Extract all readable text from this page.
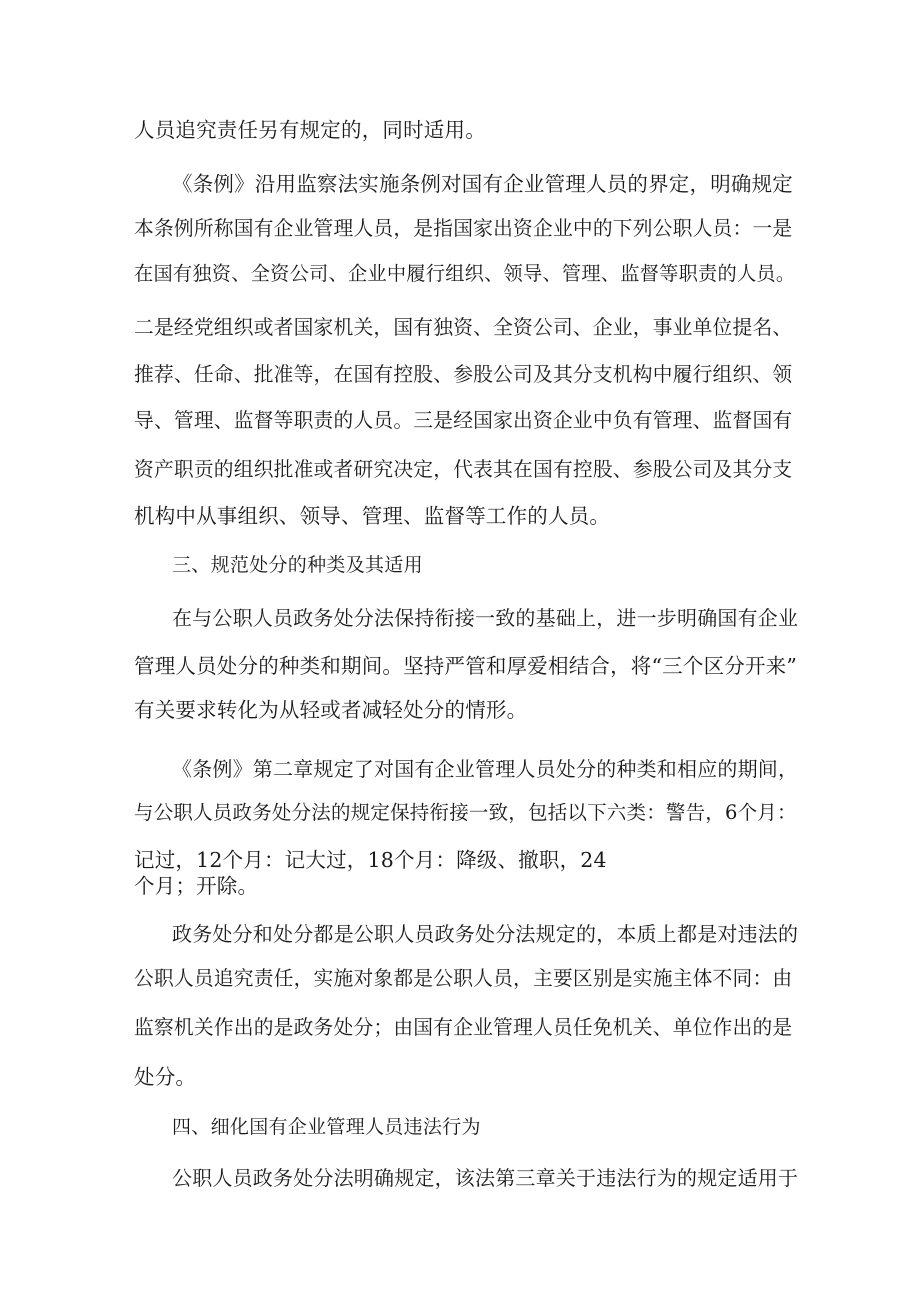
人员追究责任另有规定的，同时适用。
《条例》沿用监察法实施条例对国有企业管理人员的界定，明确规定
本条例所称国有企业管理人员，是指国家出资企业中的下列公职人员：一是
在国有独资、全资公司、企业中履行组织、领导、管理、监督等职责的人员。
二是经党组织或者国家机关，国有独资、全资公司、企业，事业单位提名、
推荐、任命、批准等，在国有控股、参股公司及其分支机构中履行组织、领
导、管理、监督等职责的人员。三是经国家出资企业中负有管理、监督国有
资产职贡的组织批准或者研究决定，代表其在国有控股、参股公司及其分支
机构中从事组织、领导、管理、监督等工作的人员。
三、规范处分的种类及其适用
在与公职人员政务处分法保持衔接一致的基础上，进一步明确国有企业
管理人员处分的种类和期间。坚持严管和厚爱相结合，将“三个区分开来”
有关要求转化为从轻或者减轻处分的情形。
《条例》第二章规定了对国有企业管理人员处分的种类和相应的期间，
与公职人员政务处分法的规定保持衔接一致，包括以下六类：警告，6个月：
记过，12个月：记大过，18个月：降级、撤职，24
个月；开除。
政务处分和处分都是公职人员政务处分法规定的，本质上都是对违法的
公职人员追究责任，实施对象都是公职人员，主要区别是实施主体不同：由
监察机关作出的是政务处分；由国有企业管理人员任免机关、单位作出的是
处分。
四、细化国有企业管理人员违法行为
公职人员政务处分法明确规定，该法第三章关于违法行为的规定适用于
